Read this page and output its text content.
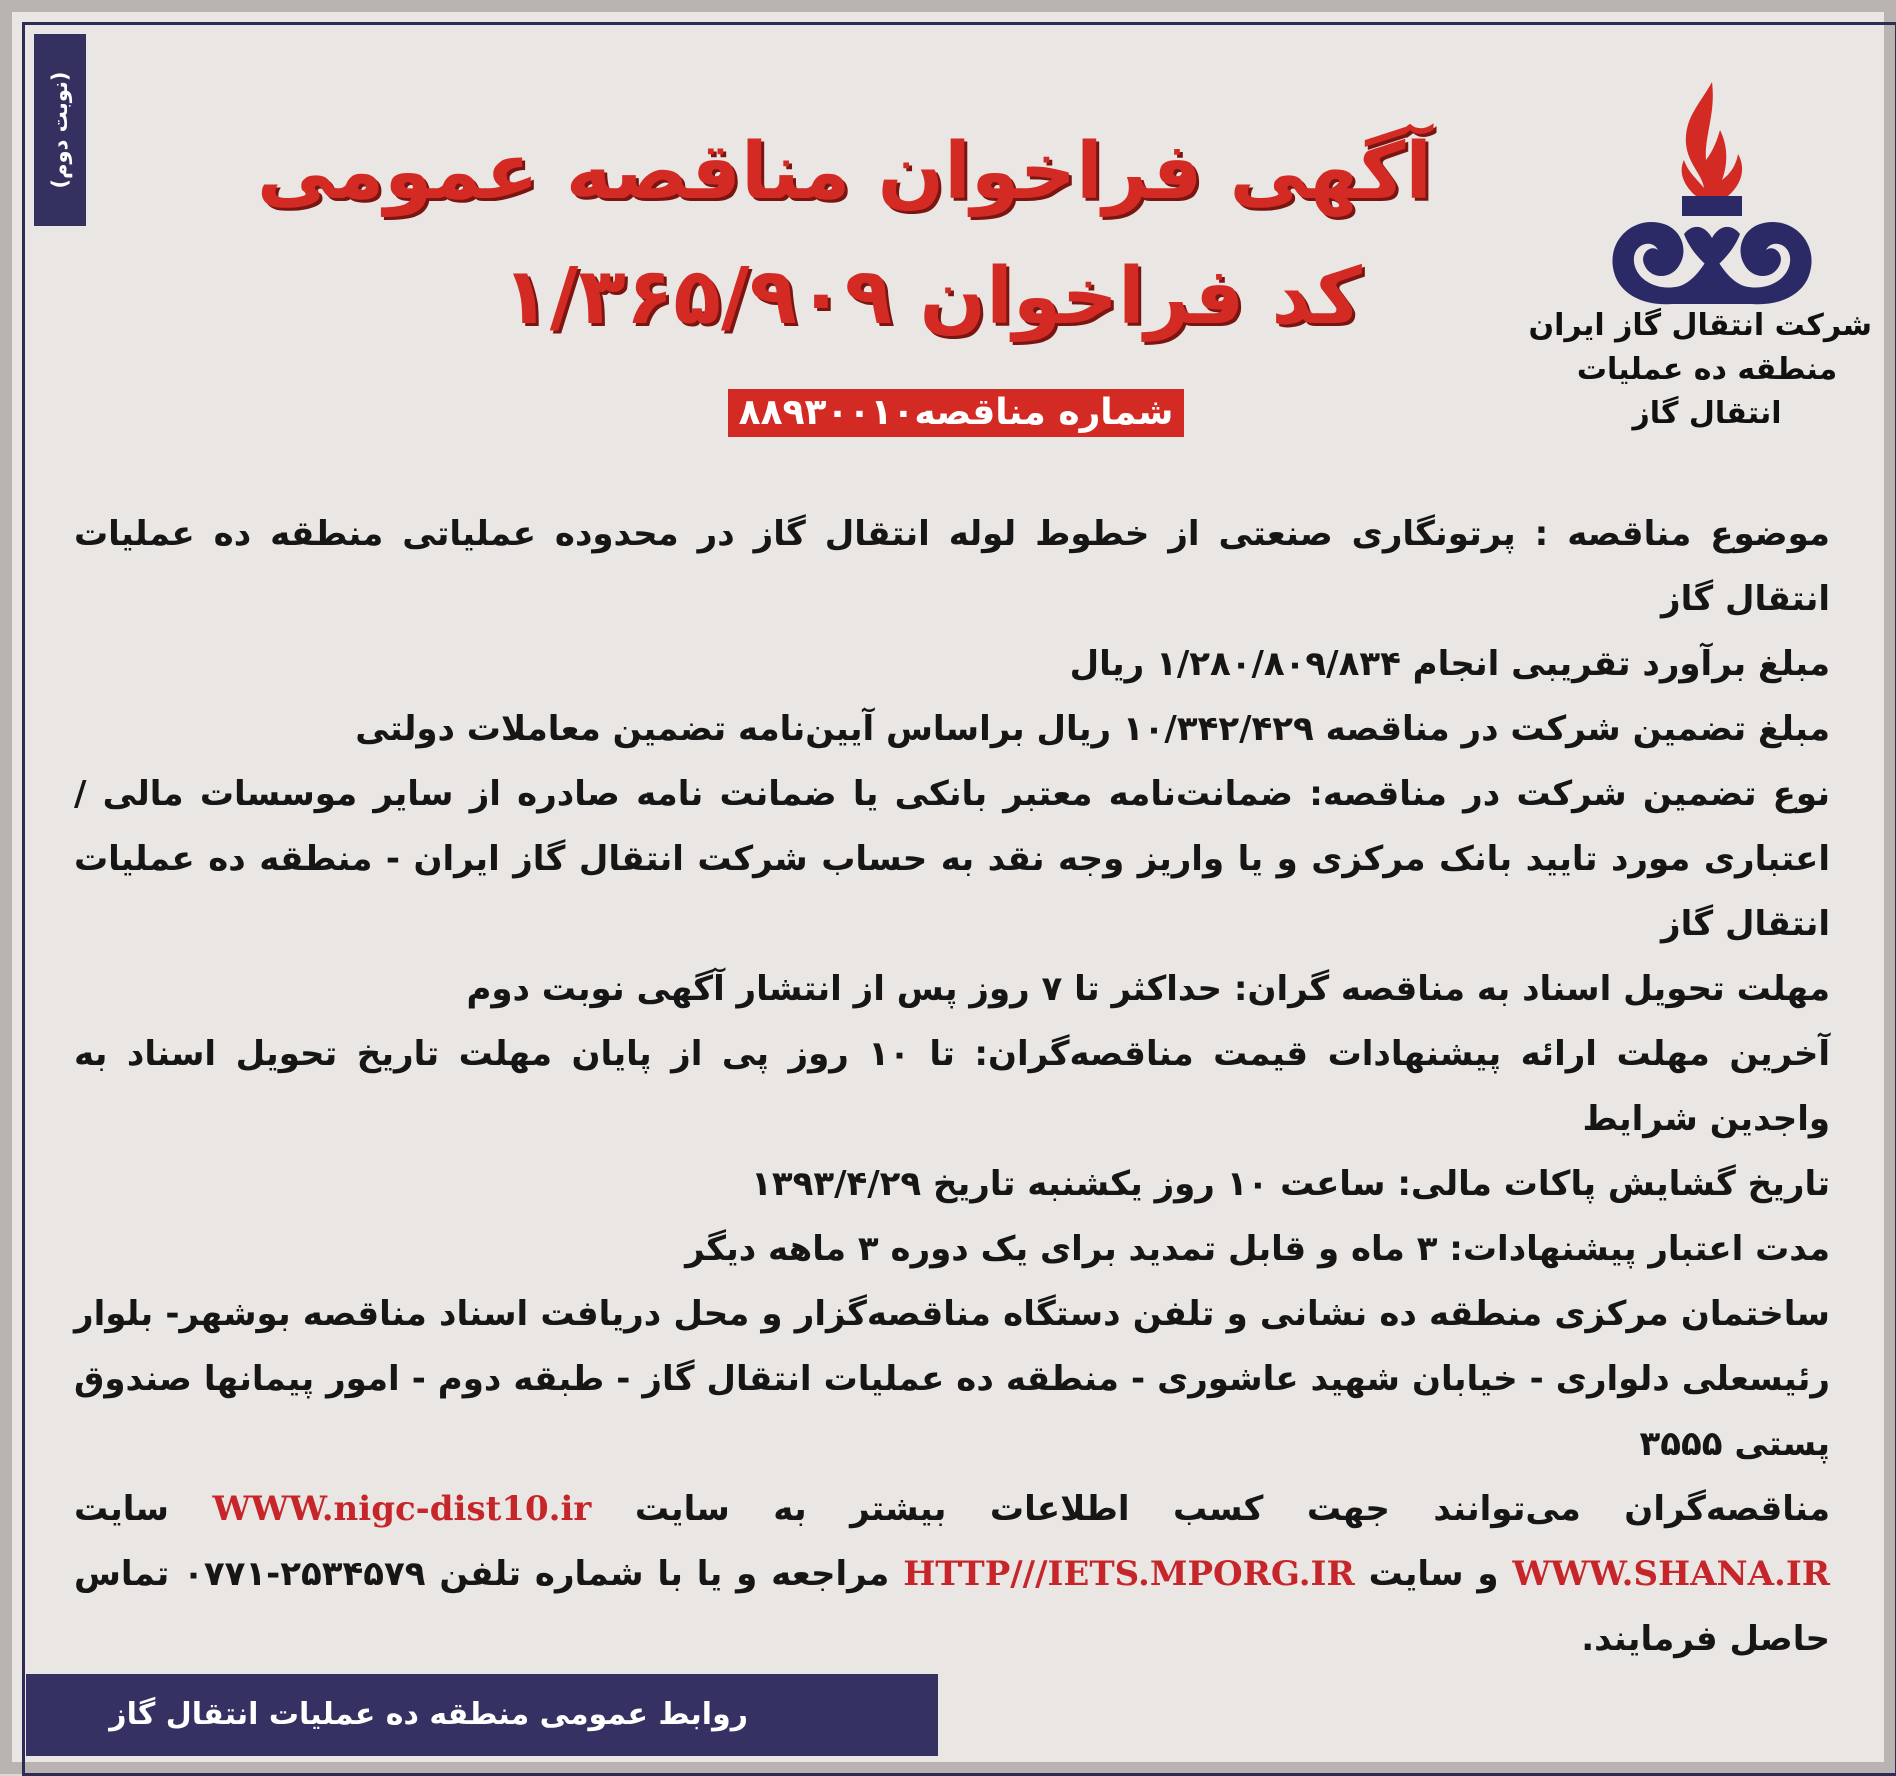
(نوبت دوم)
شرکت انتقال گاز ایران
منطقه ده عملیات
انتقال گاز
آگهی فراخوان مناقصه عمومی
کد فراخوان ۱/۳۶۵/۹۰۹
شماره مناقصه۸۸۹۳۰۰۱۰

موضوع مناقصه : پرتونگاری صنعتی از خطوط لوله انتقال گاز در محدوده عملیاتی منطقه ده عملیات انتقال گاز

مبلغ برآورد تقریبی انجام ۱/۲۸۰/۸۰۹/۸۳۴ ریال

مبلغ تضمین شرکت در مناقصه ۱۰/۳۴۲/۴۲۹ ریال براساس آیین‌نامه تضمین معاملات دولتی

نوع تضمین شرکت در مناقصه: ضمانت‌نامه معتبر بانکی یا ضمانت نامه صادره از سایر موسسات مالی / اعتباری مورد تایید بانک مرکزی و یا واریز وجه نقد به حساب شرکت انتقال گاز ایران - منطقه ده عملیات انتقال گاز

مهلت تحویل اسناد به مناقصه گران: حداکثر تا ۷ روز پس از انتشار آگهی نوبت دوم

آخرین مهلت ارائه پیشنهادات قیمت مناقصه‌گران: تا ۱۰ روز پی از پایان مهلت تاریخ تحویل اسناد به واجدین شرایط

تاریخ گشایش پاکات مالی: ساعت ۱۰ روز یکشنبه تاریخ ۱۳۹۳/۴/۲۹

مدت اعتبار پیشنهادات: ۳ ماه و قابل تمدید برای یک دوره ۳ ماهه دیگر

ساختمان مرکزی منطقه ده نشانی و تلفن دستگاه مناقصه‌گزار و محل دریافت اسناد مناقصه بوشهر- بلوار رئیسعلی دلواری - خیابان شهید عاشوری - منطقه ده عملیات انتقال گاز - طبقه دوم - امور پیمانها صندوق پستی ۳۵۵۵

مناقصه‌گران می‌توانند جهت کسب اطلاعات بیشتر به سایت WWW.nigc-dist10.ir سایت WWW.SHANA.IR و سایت HTTP///IETS.MPORG.IR مراجعه و یا با شماره تلفن ۲۵۳۴۵۷۹-۰۷۷۱ تماس حاصل فرمایند.

روابط عمومی منطقه ده عملیات انتقال گاز
